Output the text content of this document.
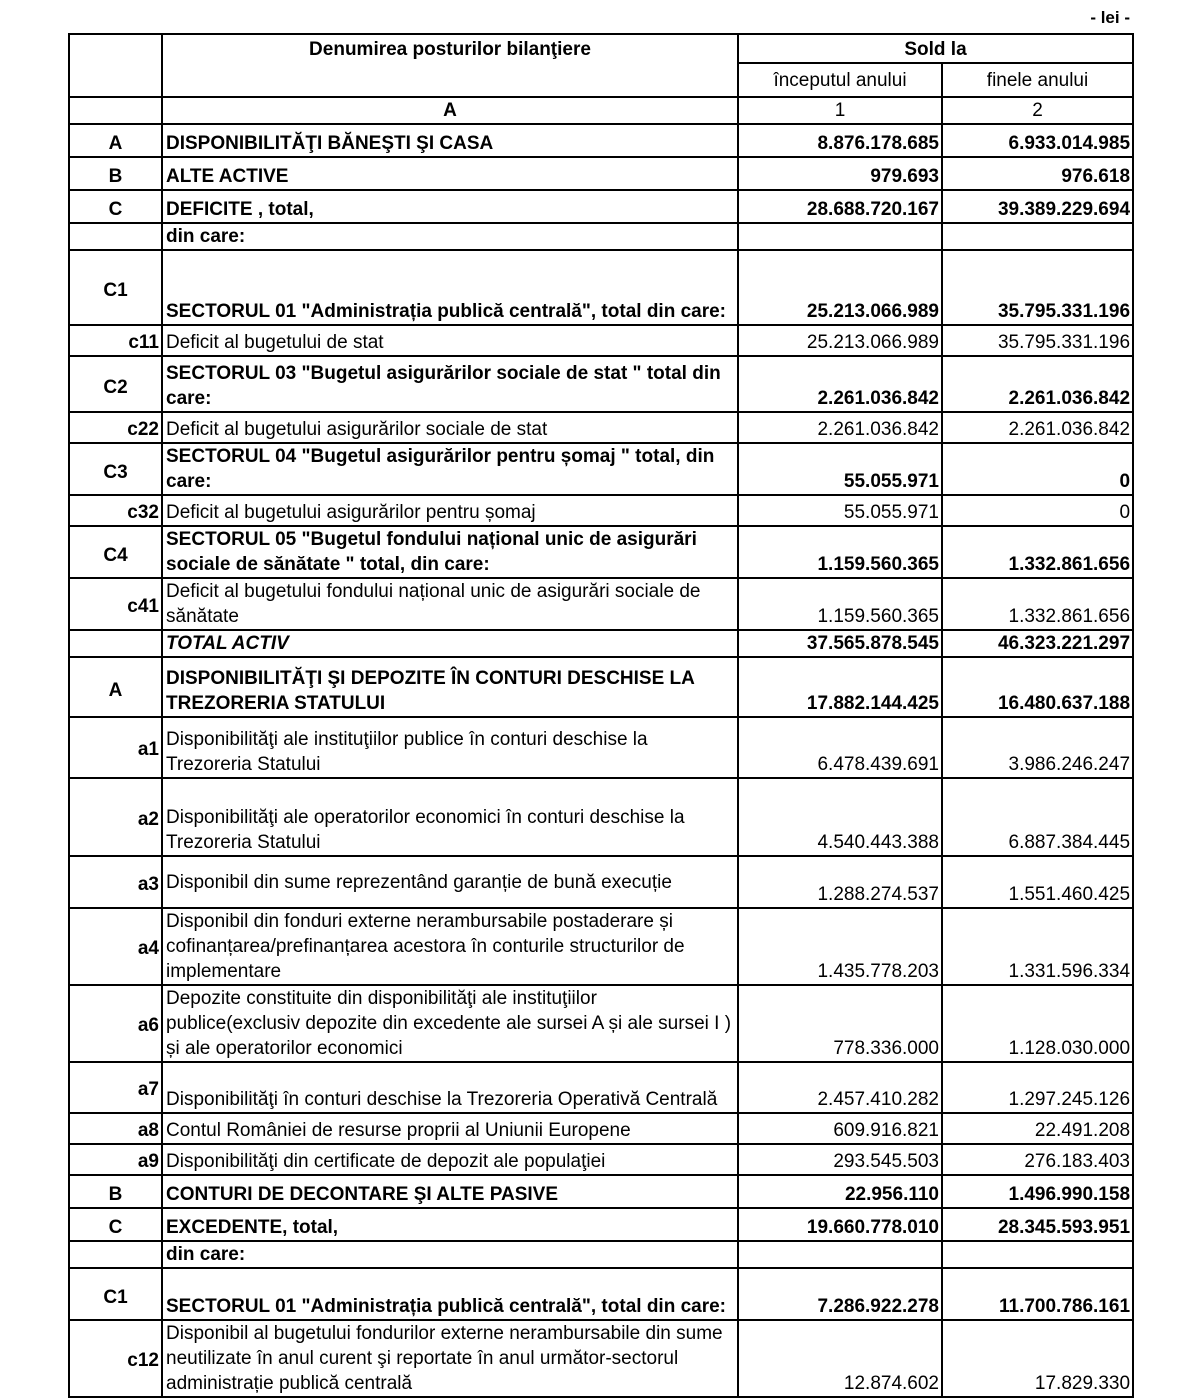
- lei -
	Denumirea posturilor bilanţiere	Sold la	
		începutul anului	finele anului
	A	1	2
A	DISPONIBILITĂŢI BĂNEŞTI ŞI CASA	8.876.178.685	6.933.014.985
B	ALTE ACTIVE	979.693	976.618
C	DEFICITE , total,	28.688.720.167	39.389.229.694
	din care:		
C1	SECTORUL 01 "Administrația publică centrală", total din care:	25.213.066.989	35.795.331.196
c11	Deficit al bugetului de stat	25.213.066.989	35.795.331.196
C2	SECTORUL 03 "Bugetul asigurărilor sociale de stat " total din care:	2.261.036.842	2.261.036.842
c22	Deficit al bugetului asigurărilor sociale de stat	2.261.036.842	2.261.036.842
C3	SECTORUL 04 "Bugetul asigurărilor pentru șomaj " total, din care:	55.055.971	0
c32	Deficit al bugetului asigurărilor pentru șomaj	55.055.971	0
C4	SECTORUL 05 "Bugetul fondului național unic de asigurări sociale de sănătate " total, din care:	1.159.560.365	1.332.861.656
c41	Deficit al bugetului fondului național unic de asigurări sociale de sănătate	1.159.560.365	1.332.861.656
	TOTAL ACTIV	37.565.878.545	46.323.221.297
A	DISPONIBILITĂŢI ŞI DEPOZITE ÎN CONTURI DESCHISE LA TREZORERIA STATULUI	17.882.144.425	16.480.637.188
a1	Disponibilităţi ale instituţiilor publice în conturi deschise la Trezoreria Statului	6.478.439.691	3.986.246.247
a2	Disponibilităţi ale operatorilor economici în conturi deschise la Trezoreria Statului	4.540.443.388	6.887.384.445
a3	Disponibil din sume reprezentând garanție de bună execuție	1.288.274.537	1.551.460.425
a4	Disponibil din fonduri externe nerambursabile postaderare și cofinanțarea/prefinanțarea acestora în conturile structurilor de implementare	1.435.778.203	1.331.596.334
a6	Depozite constituite din disponibilităţi ale instituţiilor publice(exclusiv depozite din excedente ale sursei A și ale sursei I ) și ale operatorilor economici	778.336.000	1.128.030.000
a7	Disponibilităţi în conturi deschise la Trezoreria Operativă Centrală	2.457.410.282	1.297.245.126
a8	Contul României de resurse proprii al Uniunii Europene	609.916.821	22.491.208
a9	Disponibilităţi din certificate de depozit ale populaţiei	293.545.503	276.183.403
B	CONTURI DE DECONTARE ŞI ALTE PASIVE	22.956.110	1.496.990.158
C	EXCEDENTE, total,	19.660.778.010	28.345.593.951
	din care:		
C1	SECTORUL 01 "Administrația publică centrală", total din care:	7.286.922.278	11.700.786.161
c12	Disponibil al bugetului fondurilor externe nerambursabile din sume neutilizate în anul curent şi reportate în anul următor-sectorul administrație publică centrală	12.874.602	17.829.330
